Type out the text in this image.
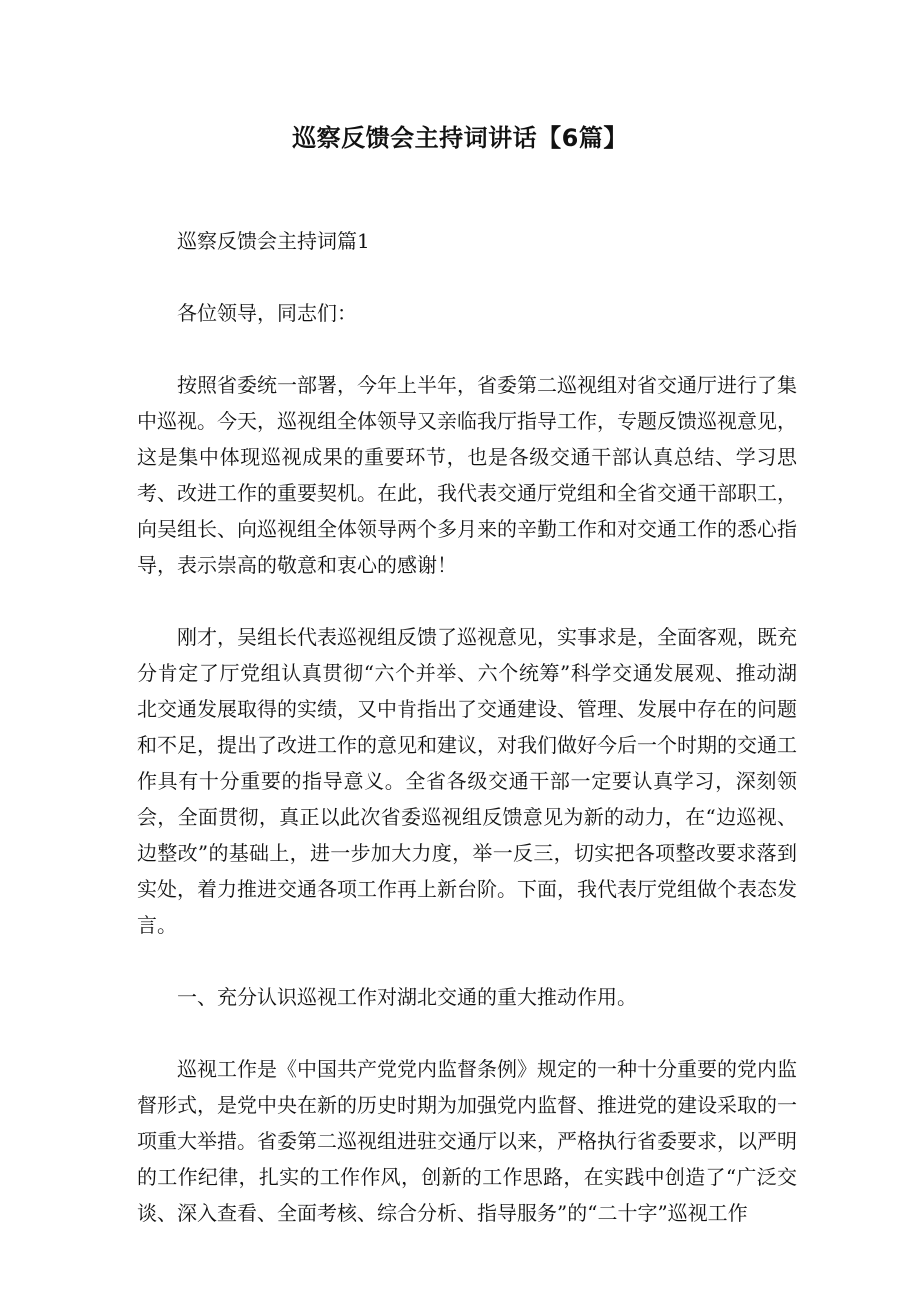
巡察反馈会主持词讲话【6篇】

巡察反馈会主持词篇1

各位领导，同志们：

按照省委统一部署，今年上半年，省委第二巡视组对省交通厅进行了集中巡视。今天，巡视组全体领导又亲临我厅指导工作，专题反馈巡视意见，这是集中体现巡视成果的重要环节，也是各级交通干部认真总结、学习思考、改进工作的重要契机。在此，我代表交通厅党组和全省交通干部职工，向吴组长、向巡视组全体领导两个多月来的辛勤工作和对交通工作的悉心指导，表示崇高的敬意和衷心的感谢！

刚才，吴组长代表巡视组反馈了巡视意见，实事求是，全面客观，既充分肯定了厅党组认真贯彻“六个并举、六个统筹”科学交通发展观、推动湖北交通发展取得的实绩，又中肯指出了交通建设、管理、发展中存在的问题和不足，提出了改进工作的意见和建议，对我们做好今后一个时期的交通工作具有十分重要的指导意义。全省各级交通干部一定要认真学习，深刻领会，全面贯彻，真正以此次省委巡视组反馈意见为新的动力，在“边巡视、边整改”的基础上，进一步加大力度，举一反三，切实把各项整改要求落到实处，着力推进交通各项工作再上新台阶。下面，我代表厅党组做个表态发言。

一、充分认识巡视工作对湖北交通的重大推动作用。

巡视工作是《中国共产党党内监督条例》规定的一种十分重要的党内监督形式，是党中央在新的历史时期为加强党内监督、推进党的建设采取的一项重大举措。省委第二巡视组进驻交通厅以来，严格执行省委要求，以严明的工作纪律，扎实的工作作风，创新的工作思路，在实践中创造了“广泛交谈、深入查看、全面考核、综合分析、指导服务”的“二十字”巡视工作
